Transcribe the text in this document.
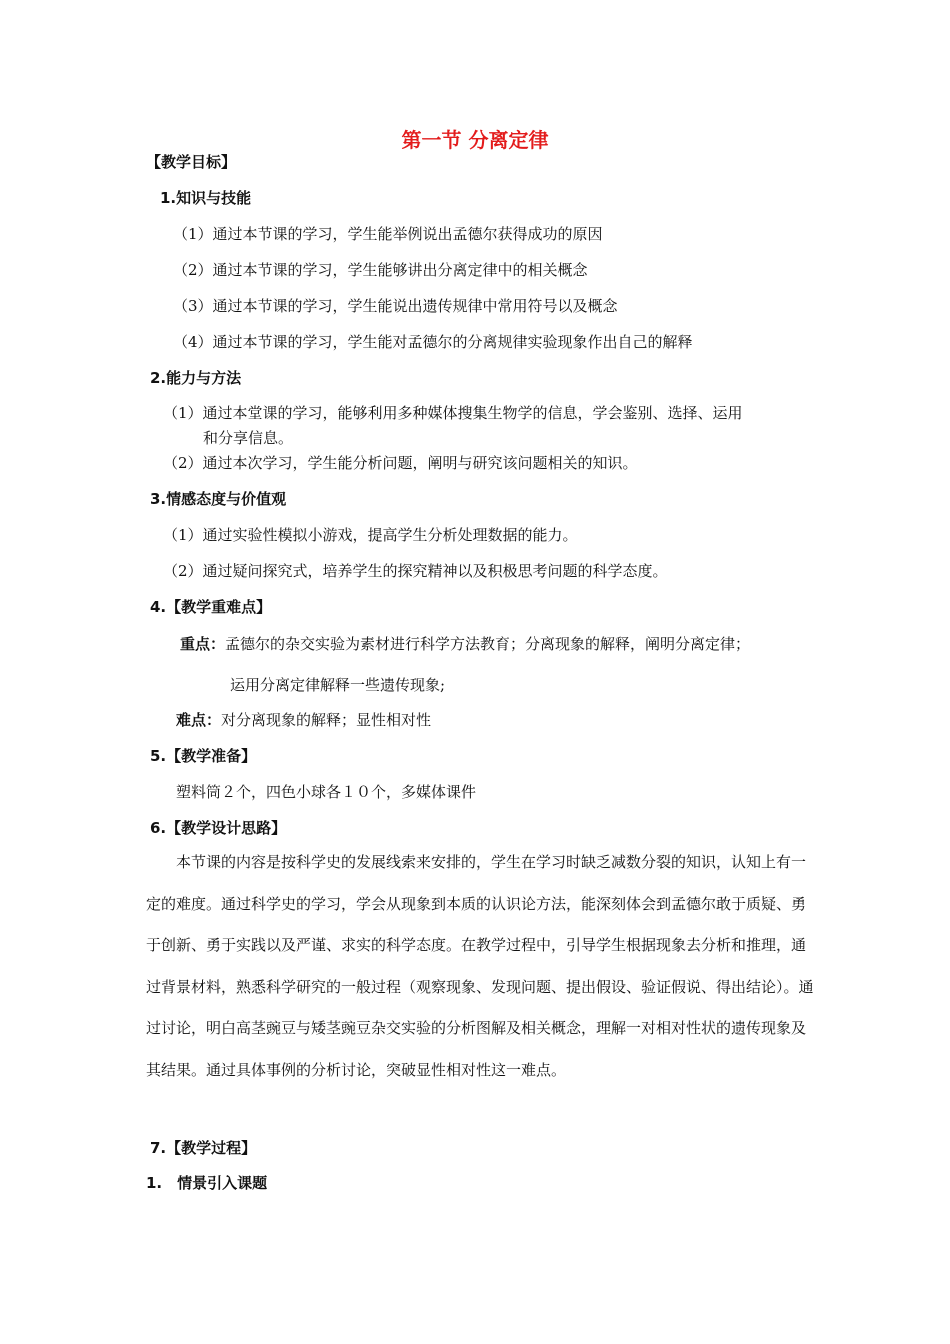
第一节 分离定律
【教学目标】
1.知识与技能
（1）通过本节课的学习，学生能举例说出孟德尔获得成功的原因
（2）通过本节课的学习，学生能够讲出分离定律中的相关概念
（3）通过本节课的学习，学生能说出遗传规律中常用符号以及概念
（4）通过本节课的学习，学生能对孟德尔的分离规律实验现象作出自己的解释
2.能力与方法
（1）通过本堂课的学习，能够利用多种媒体搜集生物学的信息，学会鉴别、选择、运用
和分享信息。
（2）通过本次学习，学生能分析问题，阐明与研究该问题相关的知识。
3.情感态度与价值观
（1）通过实验性模拟小游戏，提高学生分析处理数据的能力。
（2）通过疑问探究式，培养学生的探究精神以及积极思考问题的科学态度。
4.【教学重难点】
重点：孟德尔的杂交实验为素材进行科学方法教育；分离现象的解释，阐明分离定律；
运用分离定律解释一些遗传现象;
难点：对分离现象的解释；显性相对性
5.【教学准备】
塑料筒２个，四色小球各１０个，多媒体课件
6.【教学设计思路】
本节课的内容是按科学史的发展线索来安排的，学生在学习时缺乏减数分裂的知识，认知上有一定的难度。通过科学史的学习，学会从现象到本质的认识论方法，能深刻体会到孟德尔敢于质疑、勇于创新、勇于实践以及严谨、求实的科学态度。在教学过程中，引导学生根据现象去分析和推理，通过背景材料，熟悉科学研究的一般过程（观察现象、发现问题、提出假设、验证假说、得出结论）。通过讨论，明白高茎豌豆与矮茎豌豆杂交实验的分析图解及相关概念，理解一对相对性状的遗传现象及其结果。通过具体事例的分析讨论，突破显性相对性这一难点。
7.【教学过程】
1.　情景引入课题
